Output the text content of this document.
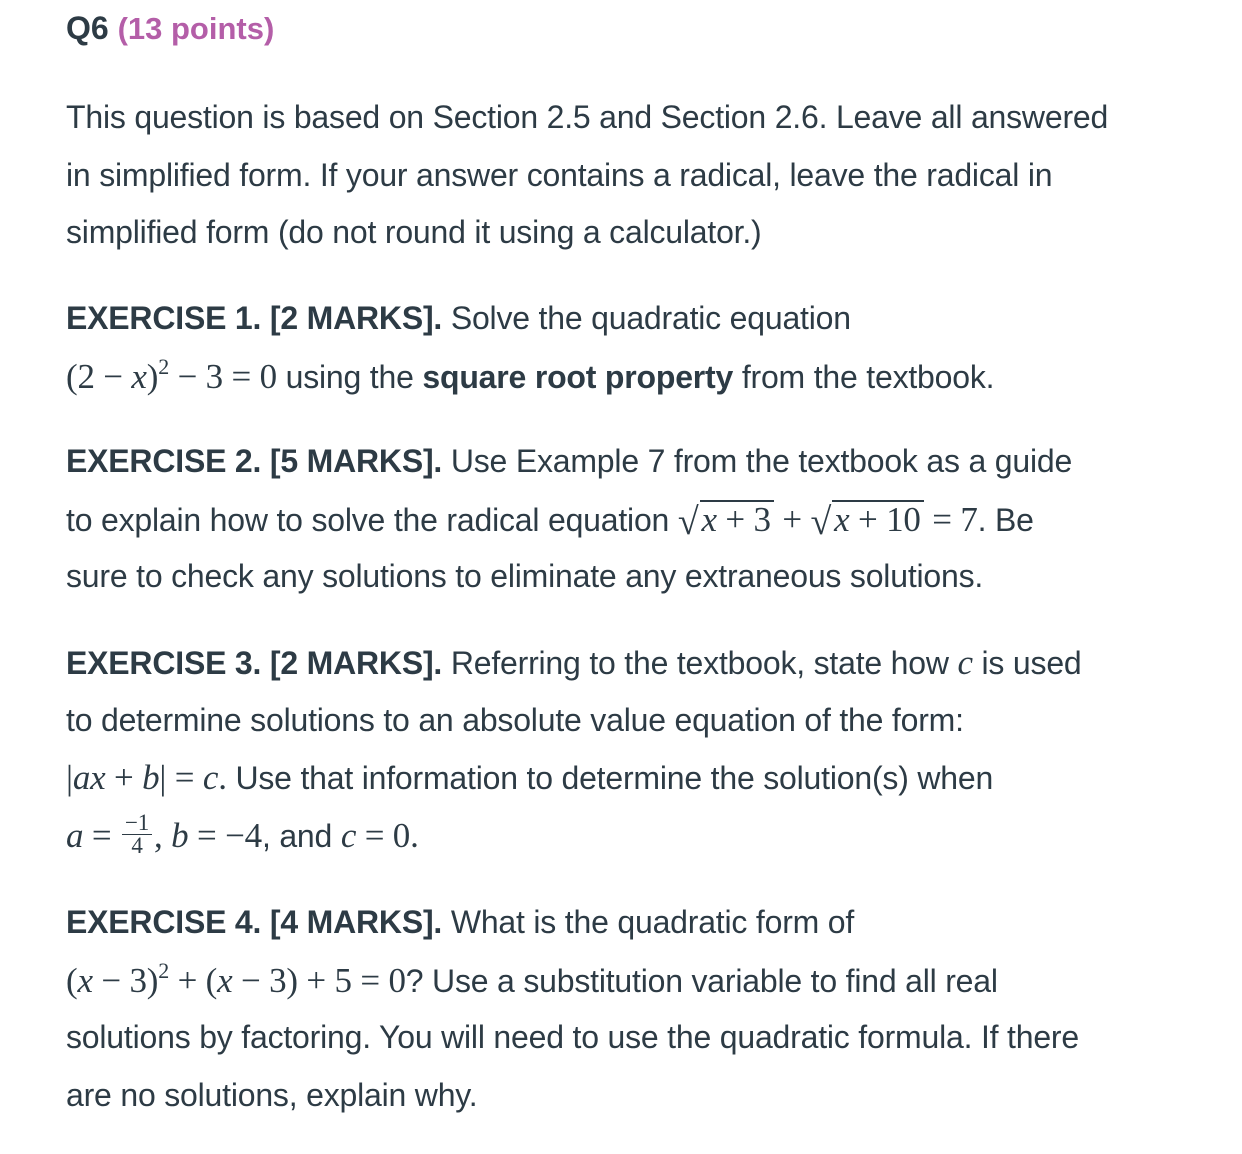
Q6 (13 points)
This question is based on Section 2.5 and Section 2.6. Leave all answered
in simplified form. If your answer contains a radical, leave the radical in
simplified form (do not round it using a calculator.)
EXERCISE 1. [2 MARKS]. Solve the quadratic equation
$(2 - x)^2 - 3 = 0$ using the square root property from the textbook.
EXERCISE 2. [5 MARKS]. Use Example 7 from the textbook as a guide
to explain how to solve the radical equation √x + 3 + √x + 10 = 7. Be
sure to check any solutions to eliminate any extraneous solutions.
EXERCISE 3. [2 MARKS]. Referring to the textbook, state how c is used
to determine solutions to an absolute value equation of the form:
|ax + b| = c. Use that information to determine the solution(s) when
$a = \frac{-1}{4}$ , b = −4, and c = 0.
EXERCISE 4. [4 MARKS]. What is the quadratic form of
$(x - 3)^2 + (x - 3) + 5 = 0$? Use a substitution variable to find all real
solutions by factoring. You will need to use the quadratic formula. If there
are no solutions, explain why.
